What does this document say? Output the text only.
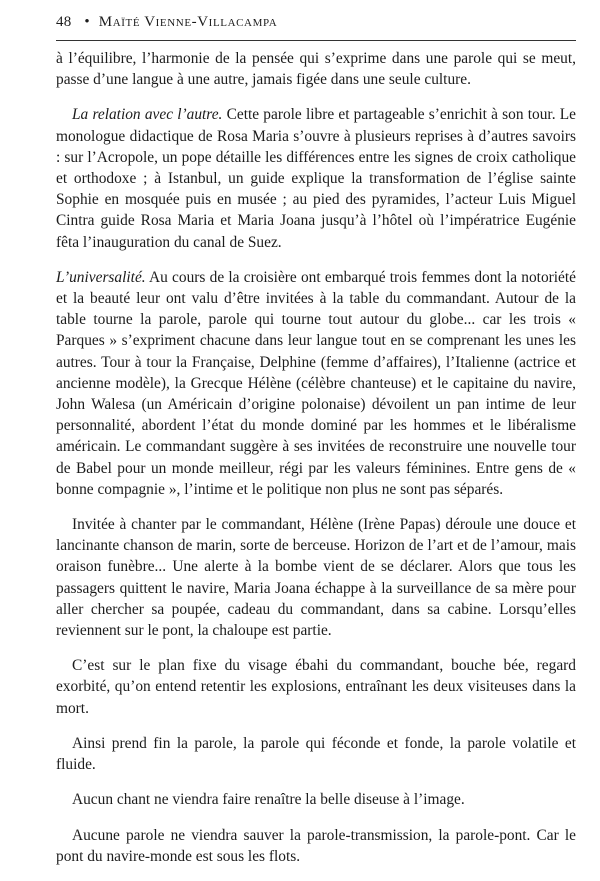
48 • Maïté Vienne-Villacampa

à l’équilibre, l’harmonie de la pensée qui s’exprime dans une parole qui se meut, passe d’une langue à une autre, jamais figée dans une seule culture.

La relation avec l’autre. Cette parole libre et partageable s’enrichit à son tour. Le monologue didactique de Rosa Maria s’ouvre à plusieurs reprises à d’autres savoirs : sur l’Acropole, un pope détaille les différences entre les signes de croix catholique et orthodoxe ; à Istanbul, un guide explique la transformation de l’église sainte Sophie en mosquée puis en musée ; au pied des pyramides, l’acteur Luis Miguel Cintra guide Rosa Maria et Maria Joana jusqu’à l’hôtel où l’impératrice Eugénie fêta l’inauguration du canal de Suez.

L’universalité. Au cours de la croisière ont embarqué trois femmes dont la notoriété et la beauté leur ont valu d’être invitées à la table du commandant. Autour de la table tourne la parole, parole qui tourne tout autour du globe... car les trois « Parques » s’expriment chacune dans leur langue tout en se comprenant les unes les autres. Tour à tour la Française, Delphine (femme d’affaires), l’Italienne (actrice et ancienne modèle), la Grecque Hélène (célèbre chanteuse) et le capitaine du navire, John Walesa (un Américain d’origine polonaise) dévoilent un pan intime de leur personnalité, abordent l’état du monde dominé par les hommes et le libéralisme américain. Le commandant suggère à ses invitées de reconstruire une nouvelle tour de Babel pour un monde meilleur, régi par les valeurs féminines. Entre gens de « bonne compagnie », l’intime et le politique non plus ne sont pas séparés.

Invitée à chanter par le commandant, Hélène (Irène Papas) déroule une douce et lancinante chanson de marin, sorte de berceuse. Horizon de l’art et de l’amour, mais oraison funèbre... Une alerte à la bombe vient de se déclarer. Alors que tous les passagers quittent le navire, Maria Joana échappe à la surveillance de sa mère pour aller chercher sa poupée, cadeau du commandant, dans sa cabine. Lorsqu’elles reviennent sur le pont, la chaloupe est partie.

C’est sur le plan fixe du visage ébahi du commandant, bouche bée, regard exorbité, qu’on entend retentir les explosions, entraînant les deux visiteuses dans la mort.

Ainsi prend fin la parole, la parole qui féconde et fonde, la parole volatile et fluide.

Aucun chant ne viendra faire renaître la belle diseuse à l’image.

Aucune parole ne viendra sauver la parole-transmission, la parole-pont. Car le pont du navire-monde est sous les flots.
